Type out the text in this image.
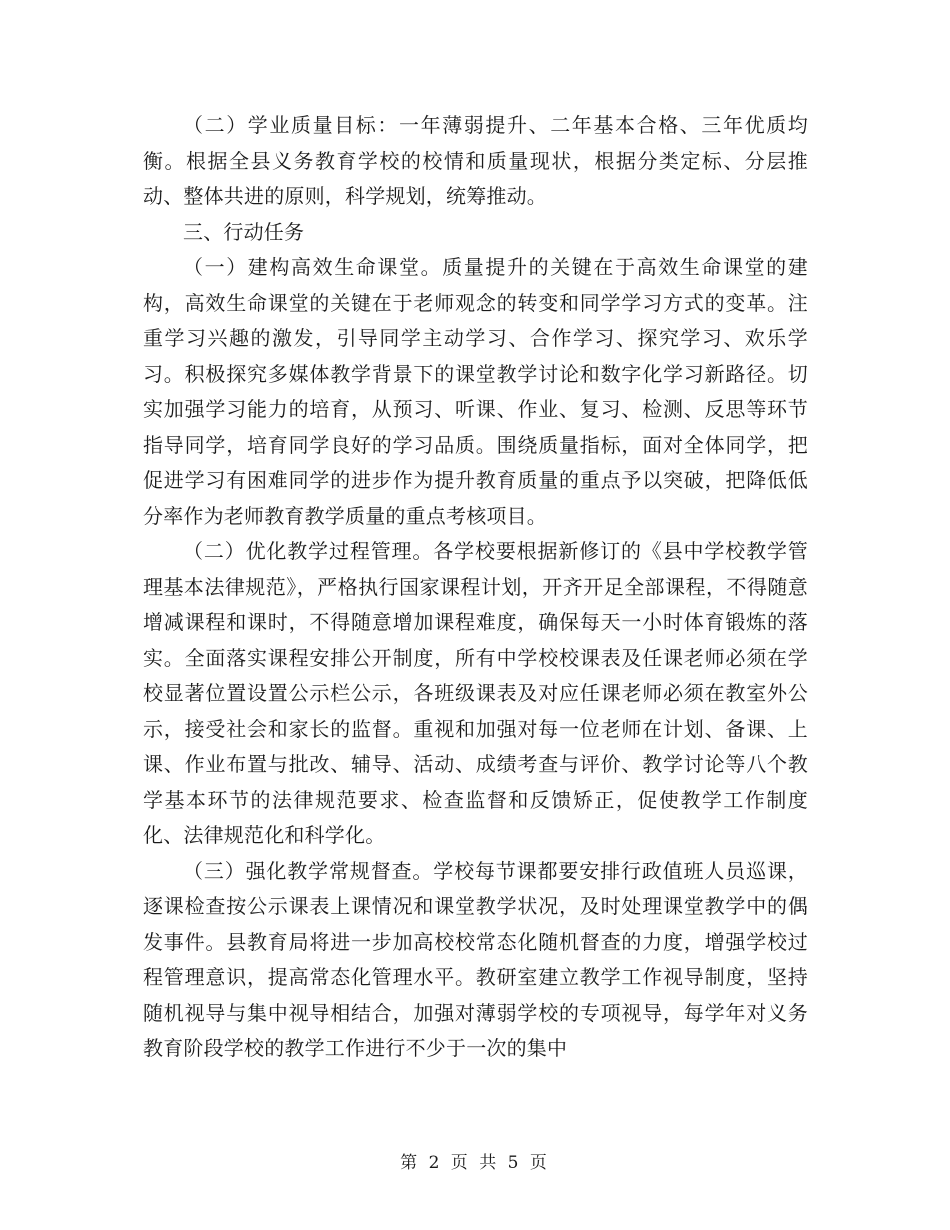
（二）学业质量目标：一年薄弱提升、二年基本合格、三年优质均衡。根据全县义务教育学校的校情和质量现状，根据分类定标、分层推动、整体共进的原则，科学规划，统筹推动。

三、行动任务

（一）建构高效生命课堂。质量提升的关键在于高效生命课堂的建构，高效生命课堂的关键在于老师观念的转变和同学学习方式的变革。注重学习兴趣的激发，引导同学主动学习、合作学习、探究学习、欢乐学习。积极探究多媒体教学背景下的课堂教学讨论和数字化学习新路径。切实加强学习能力的培育，从预习、听课、作业、复习、检测、反思等环节指导同学，培育同学良好的学习品质。围绕质量指标，面对全体同学，把促进学习有困难同学的进步作为提升教育质量的重点予以突破，把降低低分率作为老师教育教学质量的重点考核项目。

（二）优化教学过程管理。各学校要根据新修订的《县中学校教学管理基本法律规范》，严格执行国家课程计划，开齐开足全部课程，不得随意增减课程和课时，不得随意增加课程难度，确保每天一小时体育锻炼的落实。全面落实课程安排公开制度，所有中学校校课表及任课老师必须在学校显著位置设置公示栏公示，各班级课表及对应任课老师必须在教室外公示，接受社会和家长的监督。重视和加强对每一位老师在计划、备课、上课、作业布置与批改、辅导、活动、成绩考查与评价、教学讨论等八个教学基本环节的法律规范要求、检查监督和反馈矫正，促使教学工作制度化、法律规范化和科学化。

（三）强化教学常规督查。学校每节课都要安排行政值班人员巡课，逐课检查按公示课表上课情况和课堂教学状况，及时处理课堂教学中的偶发事件。县教育局将进一步加高校校常态化随机督查的力度，增强学校过程管理意识，提高常态化管理水平。教研室建立教学工作视导制度，坚持随机视导与集中视导相结合，加强对薄弱学校的专项视导，每学年对义务教育阶段学校的教学工作进行不少于一次的集中

第 2 页 共 5 页
